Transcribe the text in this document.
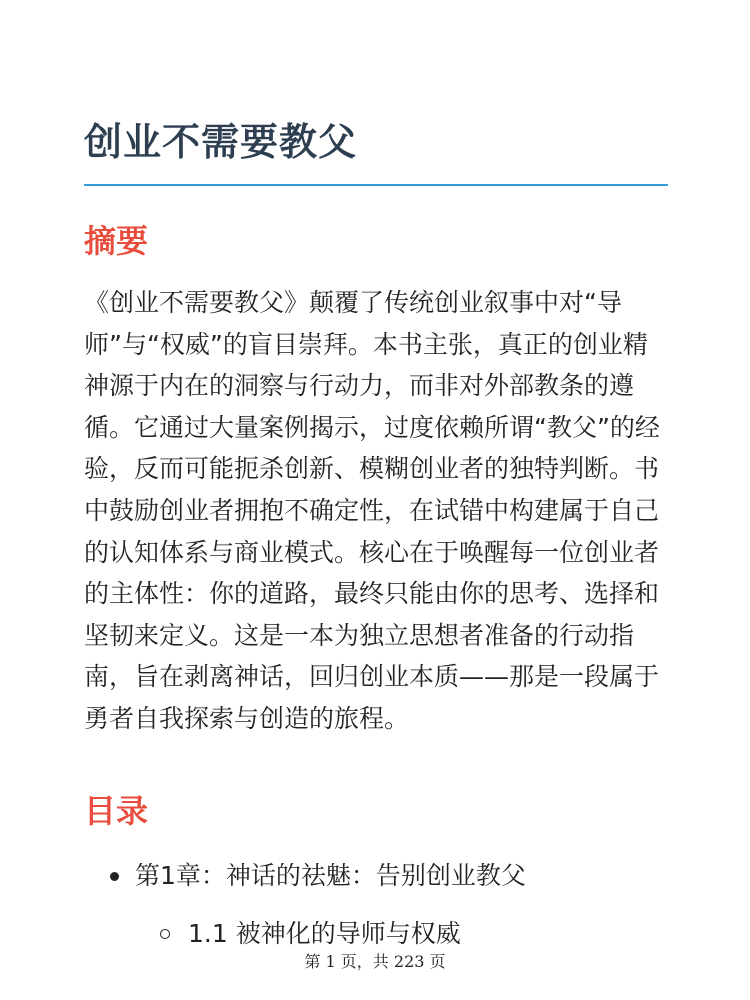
创业不需要教父
摘要

《创业不需要教父》颠覆了传统创业叙事中对“导师”与“权威”的盲目崇拜。本书主张，真正的创业精神源于内在的洞察与行动力，而非对外部教条的遵循。它通过大量案例揭示，过度依赖所谓“教父”的经验，反而可能扼杀创新、模糊创业者的独特判断。书中鼓励创业者拥抱不确定性，在试错中构建属于自己的认知体系与商业模式。核心在于唤醒每一位创业者的主体性：你的道路，最终只能由你的思考、选择和坚韧来定义。这是一本为独立思想者准备的行动指南，旨在剥离神话，回归创业本质——那是一段属于勇者自我探索与创造的旅程。

目录
第1章：神话的祛魅：告别创业教父
1.1 被神化的导师与权威
第 1 页，共 223 页
